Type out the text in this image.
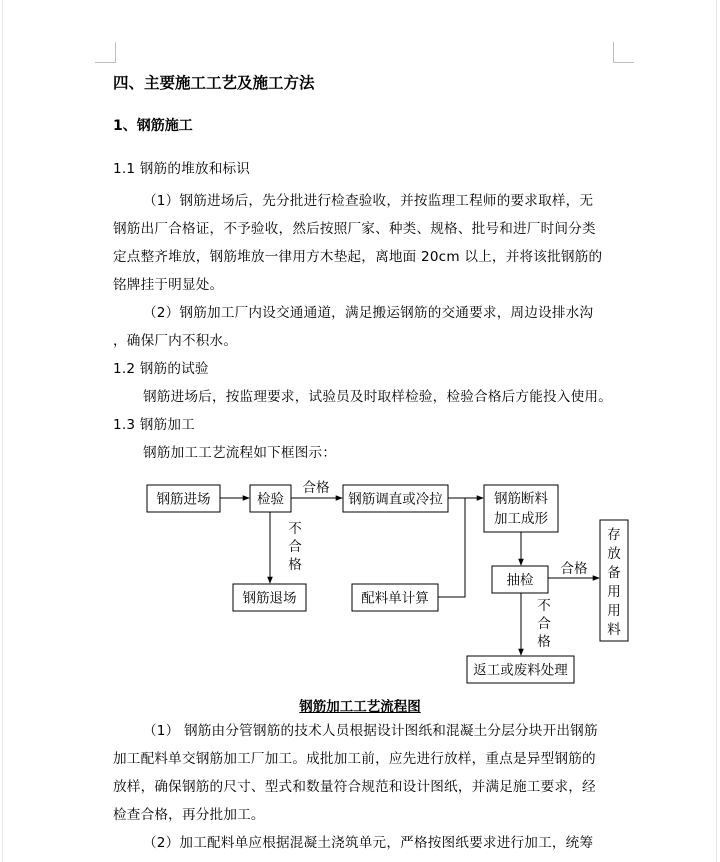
四、主要施工工艺及施工方法
1、钢筋施工
1.1 钢筋的堆放和标识
（1）钢筋进场后，先分批进行检查验收，并按监理工程师的要求取样，无
钢筋出厂合格证，不予验收，然后按照厂家、种类、规格、批号和进厂时间分类
定点整齐堆放，钢筋堆放一律用方木垫起，离地面 20cm 以上，并将该批钢筋的
铭牌挂于明显处。
（2）钢筋加工厂内设交通通道，满足搬运钢筋的交通要求，周边设排水沟
，确保厂内不积水。
1.2 钢筋的试验
钢筋进场后，按监理要求，试验员及时取样检验，检验合格后方能投入使用。
1.3 钢筋加工
钢筋加工工艺流程如下框图示：
钢筋进场	检验	钢筋调直或冷拉	钢筋断料
加工成形
钢筋退场	配料单计算
抽检
返工或废料处理
存放备用用料
合格
不合格	合格
不合格
钢筋加工工艺流程图
（1） 钢筋由分管钢筋的技术人员根据设计图纸和混凝土分层分块开出钢筋
加工配料单交钢筋加工厂加工。成批加工前，应先进行放样，重点是异型钢筋的
放样，确保钢筋的尺寸、型式和数量符合规范和设计图纸，并满足施工要求，经
检查合格，再分批加工。
（2）加工配料单应根据混凝土浇筑单元，严格按图纸要求进行加工，统筹
